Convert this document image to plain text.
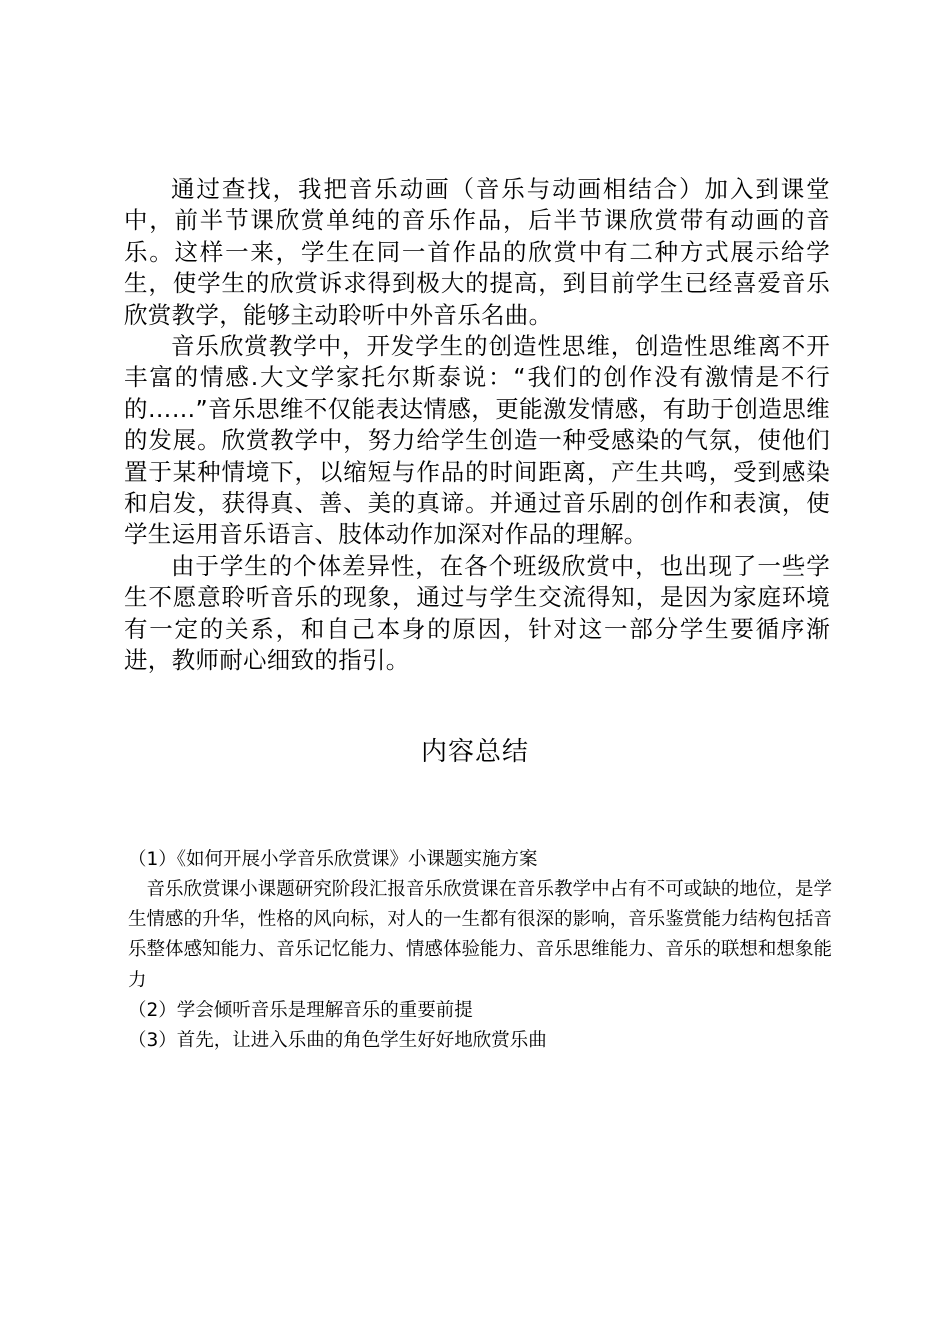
通过查找，我把音乐动画（音乐与动画相结合）加入到课堂中，前半节课欣赏单纯的音乐作品，后半节课欣赏带有动画的音乐。这样一来，学生在同一首作品的欣赏中有二种方式展示给学生，使学生的欣赏诉求得到极大的提高，到目前学生已经喜爱音乐欣赏教学，能够主动聆听中外音乐名曲。

音乐欣赏教学中，开发学生的创造性思维，创造性思维离不开丰富的情感.大文学家托尔斯泰说：“我们的创作没有激情是不行的……”音乐思维不仅能表达情感，更能激发情感，有助于创造思维的发展。欣赏教学中，努力给学生创造一种受感染的气氛，使他们置于某种情境下，以缩短与作品的时间距离，产生共鸣，受到感染和启发，获得真、善、美的真谛。并通过音乐剧的创作和表演，使学生运用音乐语言、肢体动作加深对作品的理解。

由于学生的个体差异性，在各个班级欣赏中，也出现了一些学生不愿意聆听音乐的现象，通过与学生交流得知，是因为家庭环境有一定的关系，和自己本身的原因，针对这一部分学生要循序渐进，教师耐心细致的指引。

内容总结

（1）《如何开展小学音乐欣赏课》小课题实施方案

音乐欣赏课小课题研究阶段汇报音乐欣赏课在音乐教学中占有不可或缺的地位，是学生情感的升华，性格的风向标，对人的一生都有很深的影响，音乐鉴赏能力结构包括音乐整体感知能力、音乐记忆能力、情感体验能力、音乐思维能力、音乐的联想和想象能力

（2）学会倾听音乐是理解音乐的重要前提

（3）首先，让进入乐曲的角色学生好好地欣赏乐曲
